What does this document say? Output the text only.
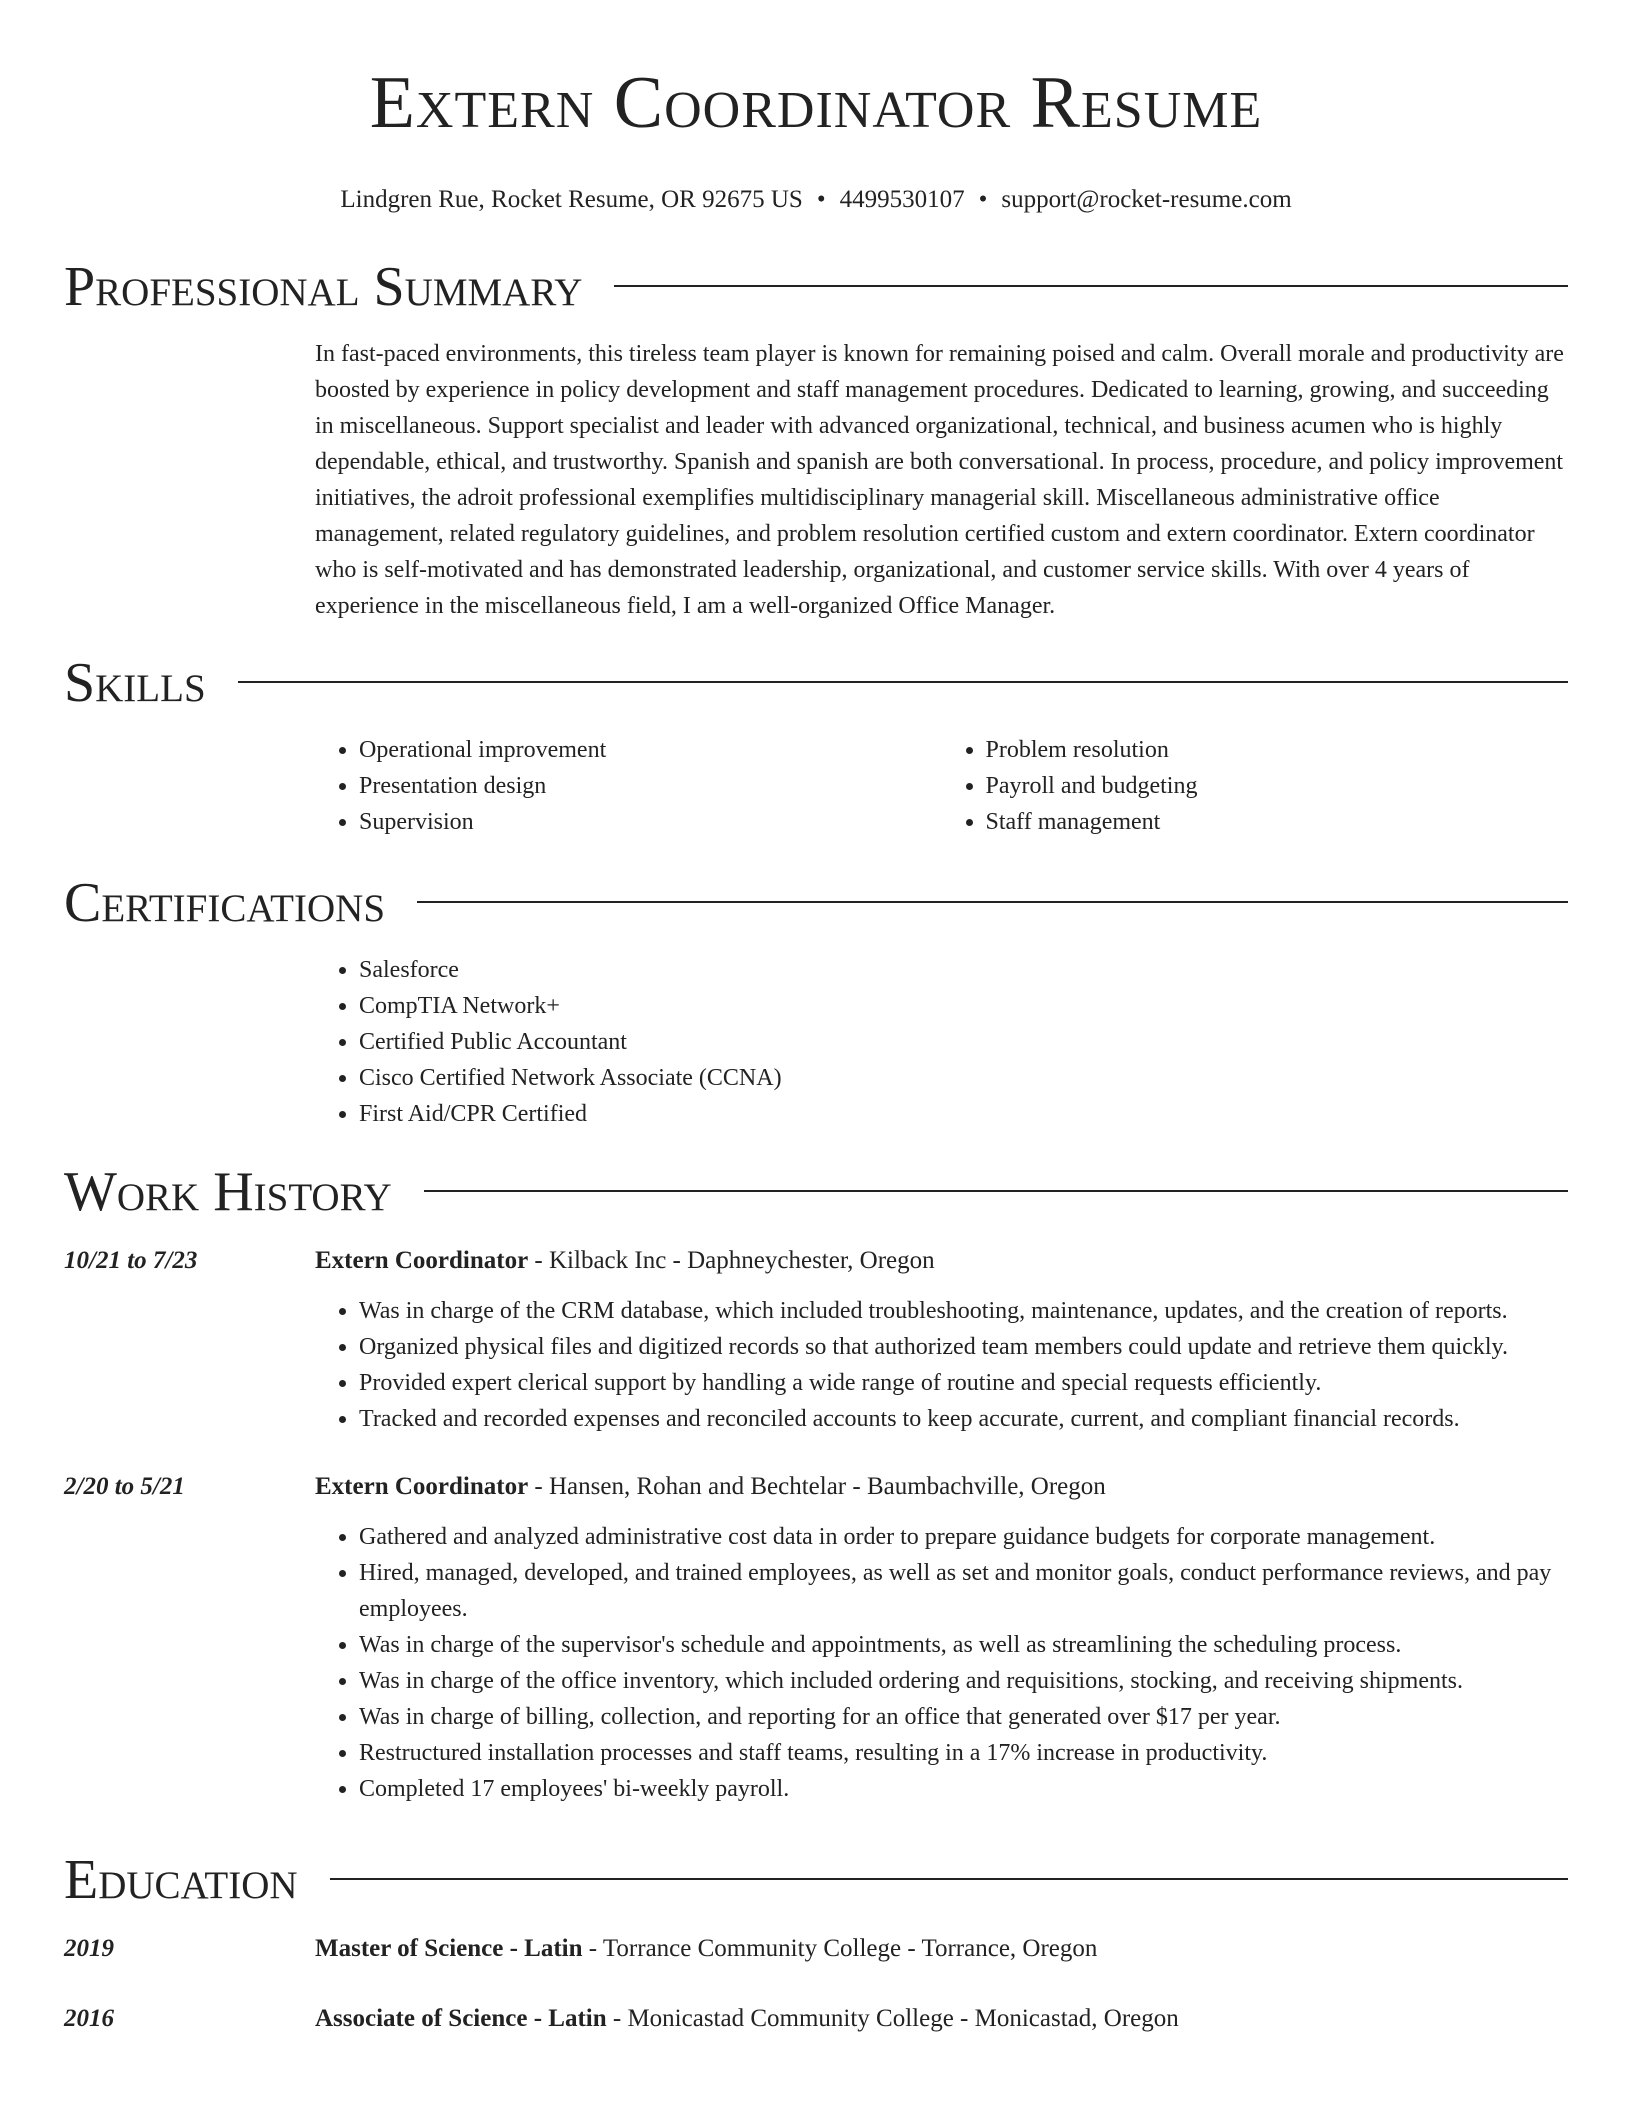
Extern Coordinator Resume
Lindgren Rue, Rocket Resume, OR 92675 US • 4499530107 • support@rocket-resume.com
Professional Summary

In fast-paced environments, this tireless team player is known for remaining poised and calm. Overall morale and productivity are boosted by experience in policy development and staff management procedures. Dedicated to learning, growing, and succeeding in miscellaneous. Support specialist and leader with advanced organizational, technical, and business acumen who is highly dependable, ethical, and trustworthy. Spanish and spanish are both conversational. In process, procedure, and policy improvement initiatives, the adroit professional exemplifies multidisciplinary managerial skill. Miscellaneous administrative office management, related regulatory guidelines, and problem resolution certified custom and extern coordinator. Extern coordinator who is self-motivated and has demonstrated leadership, organizational, and customer service skills. With over 4 years of experience in the miscellaneous field, I am a well-organized Office Manager.

Skills
• Operational improvement
• Presentation design
• Supervision
• Problem resolution
• Payroll and budgeting
• Staff management
Certifications
• Salesforce
• CompTIA Network+
• Certified Public Accountant
• Cisco Certified Network Associate (CCNA)
• First Aid/CPR Certified
Work History
10/21 to 7/23	Extern Coordinator - Kilback Inc - Daphneychester, Oregon
• Was in charge of the CRM database, which included troubleshooting, maintenance, updates, and the creation of reports.
• Organized physical files and digitized records so that authorized team members could update and retrieve them quickly.
• Provided expert clerical support by handling a wide range of routine and special requests efficiently.
• Tracked and recorded expenses and reconciled accounts to keep accurate, current, and compliant financial records.
2/20 to 5/21	Extern Coordinator - Hansen, Rohan and Bechtelar - Baumbachville, Oregon
• Gathered and analyzed administrative cost data in order to prepare guidance budgets for corporate management.
• Hired, managed, developed, and trained employees, as well as set and monitor goals, conduct performance reviews, and pay employees.
• Was in charge of the supervisor's schedule and appointments, as well as streamlining the scheduling process.
• Was in charge of the office inventory, which included ordering and requisitions, stocking, and receiving shipments.
• Was in charge of billing, collection, and reporting for an office that generated over $17 per year.
• Restructured installation processes and staff teams, resulting in a 17% increase in productivity.
• Completed 17 employees' bi-weekly payroll.
Education
2019	Master of Science - Latin - Torrance Community College - Torrance, Oregon
2016	Associate of Science - Latin - Monicastad Community College - Monicastad, Oregon
